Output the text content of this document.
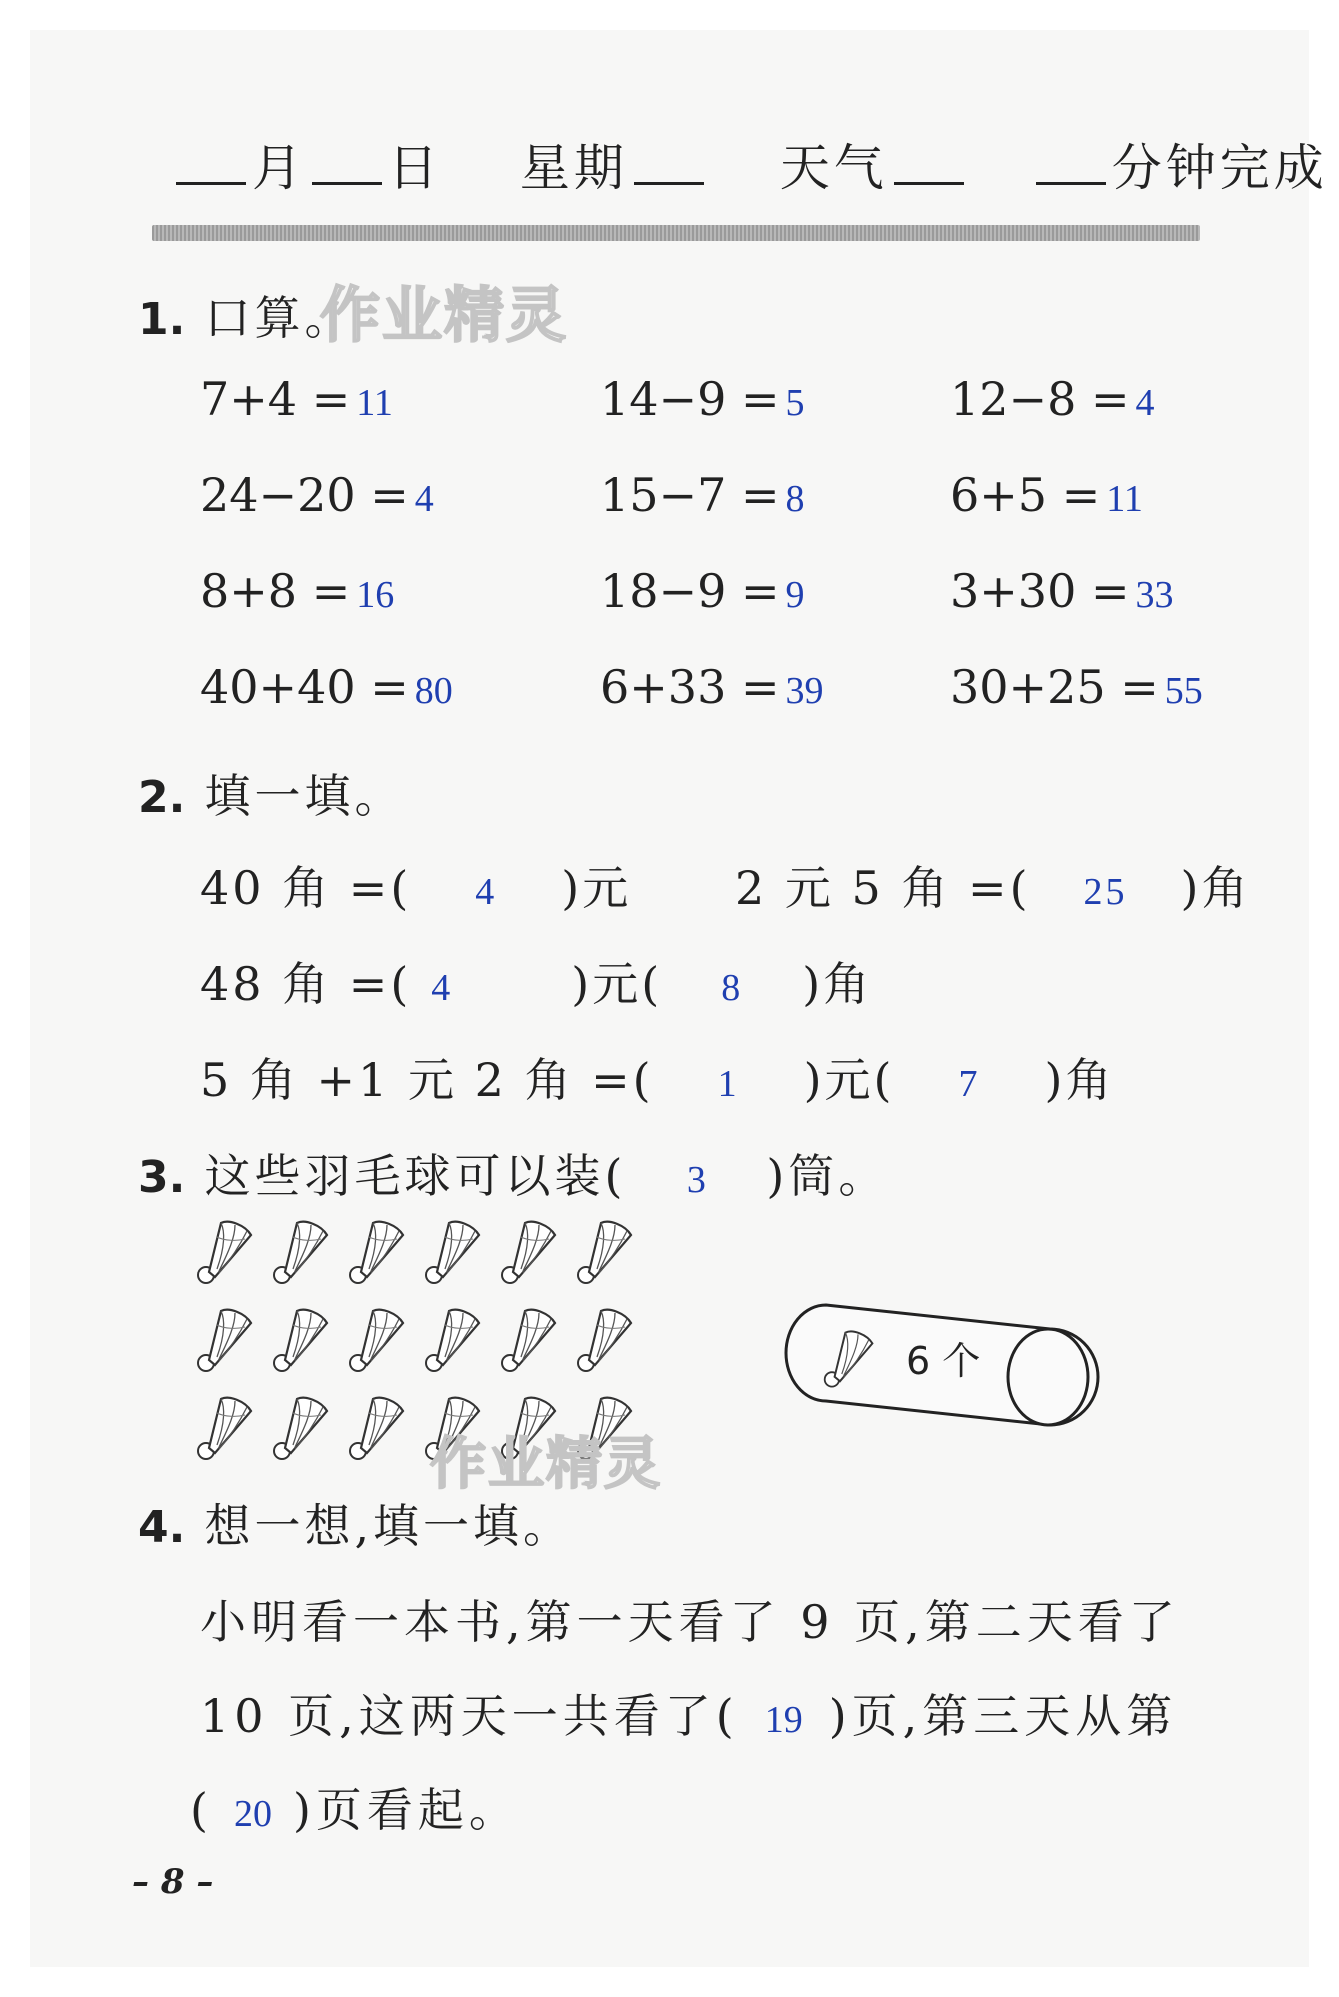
月 日 星期	天气	分钟完成
1. 口算。
作业精灵
7+4 = 11	14−9 = 5	12−8 = 4
24−20 = 4	15−7 = 8	6+5 = 11
8+8 = 16	18−9 = 9	3+30 = 33
40+40 = 80	6+33 = 39	30+25 = 55
2. 填一填。
40 角 =( 4 )元 2 元 5 角 =( 25 )角
48 角 =( 4	)元( 8 )角
5 角 +1 元 2 角 =( 1 )元( 7 )角
3. 这些羽毛球可以装( 3 )筒。
6 个
作业精灵
4. 想一想,填一填。
小明看一本书,第一天看了 9 页,第二天看了
10 页,这两天一共看了( 19 )页,第三天从第
( 20 )页看起。
– 8 –
